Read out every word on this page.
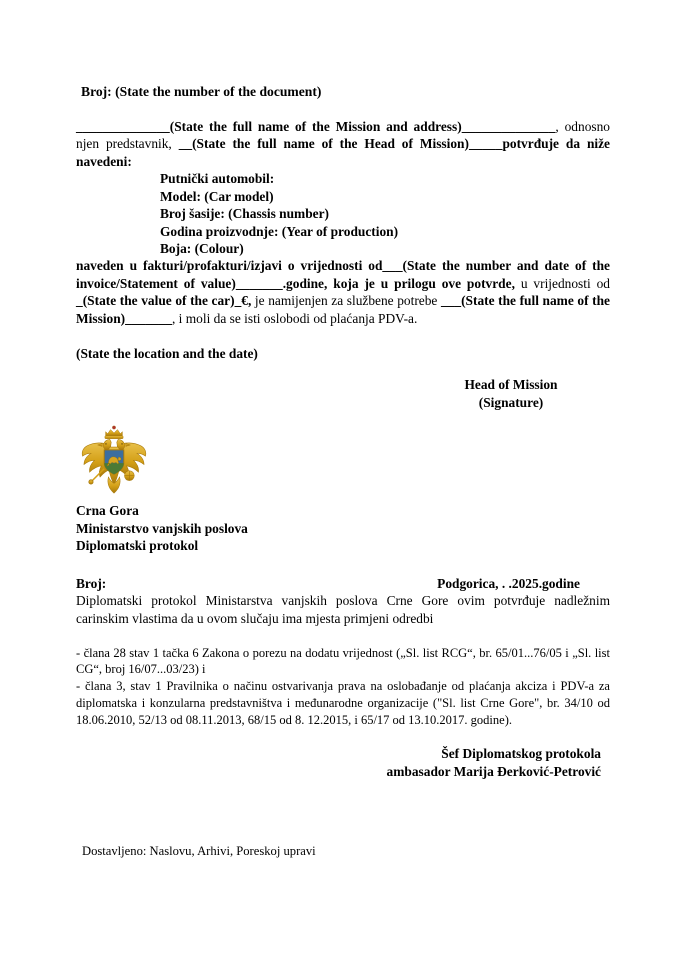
Broj: (State the number of the document)

______________(State the full name of the Mission and address)______________, odnosno njen predstavnik, __(State the full name of the Head of Mission)_____potvrđuje da niže navedeni:

Putnički automobil:
Model: (Car model)
Broj šasije: (Chassis number)
Godina proizvodnje: (Year of production)
Boja: (Colour)

naveden u fakturi/profakturi/izjavi o vrijednosti od___(State the number and date of the invoice/Statement of value)_______.godine, koja je u prilogu ove potvrde, u vrijednosti od _(State the value of the car)_€, je namijenjen za službene potrebe ___(State the full name of the Mission)_______, i moli da se isti oslobodi od plaćanja PDV-a.

(State the location and the date)
Head of Mission
(Signature)
Crna Gora
Ministarstvo vanjskih poslova
Diplomatski protokol
Broj:	Podgorica, . .2025.godine

Diplomatski protokol Ministarstva vanjskih poslova Crne Gore ovim potvrđuje nadležnim carinskim vlastima da u ovom slučaju ima mjesta primjeni odredbi

- člana 28 stav 1 tačka 6 Zakona o porezu na dodatu vrijednost („Sl. list RCG“, br. 65/01...76/05 i „Sl. list CG“, broj 16/07...03/23) i

- člana 3, stav 1 Pravilnika o načinu ostvarivanja prava na oslobađanje od plaćanja akciza i PDV-a za diplomatska i konzularna predstavništva i međunarodne organizacije ("Sl. list Crne Gore", br. 34/10 od 18.06.2010, 52/13 od 08.11.2013, 68/15 od 8. 12.2015, i 65/17 od 13.10.2017. godine).

Šef Diplomatskog protokola
ambasador Marija Đerković-Petrović
Dostavljeno: Naslovu, Arhivi, Poreskoj upravi
